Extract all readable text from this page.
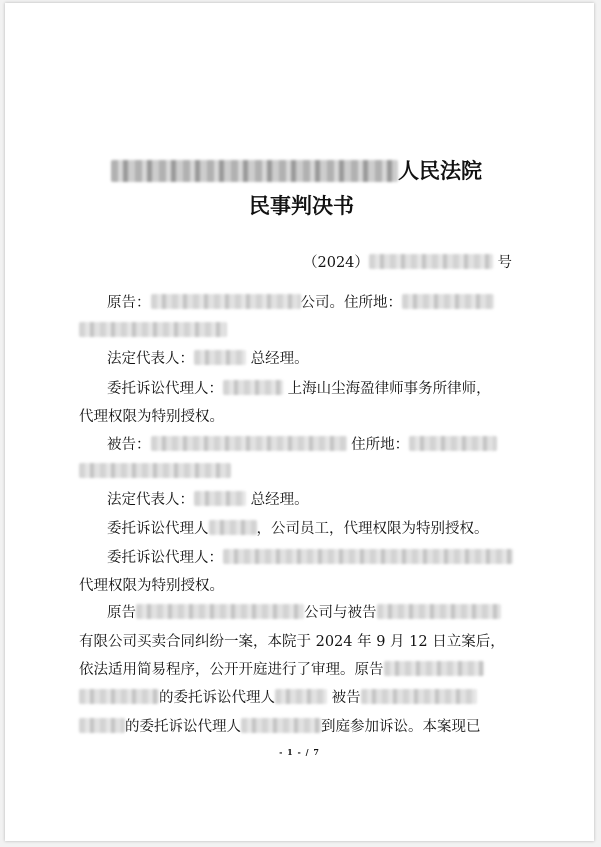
人民法院
民事判决书
（2024）	号
原告：	公司。住所地：
法定代表人：	总经理。
委托诉讼代理人：	上海山尘海盈律师事务所律师，
代理权限为特别授权。
被告：	住所地：
法定代表人：	总经理。
委托诉讼代理人	，公司员工，代理权限为特别授权。
委托诉讼代理人：
代理权限为特别授权。
原告	公司与被告
有限公司买卖合同纠纷一案，本院于 2024 年 9 月 12 日立案后，
依法适用简易程序，公开开庭进行了审理。原告
的委托诉讼代理人	被告
的委托诉讼代理人	到庭参加诉讼。本案现已
- 1 - / 7
